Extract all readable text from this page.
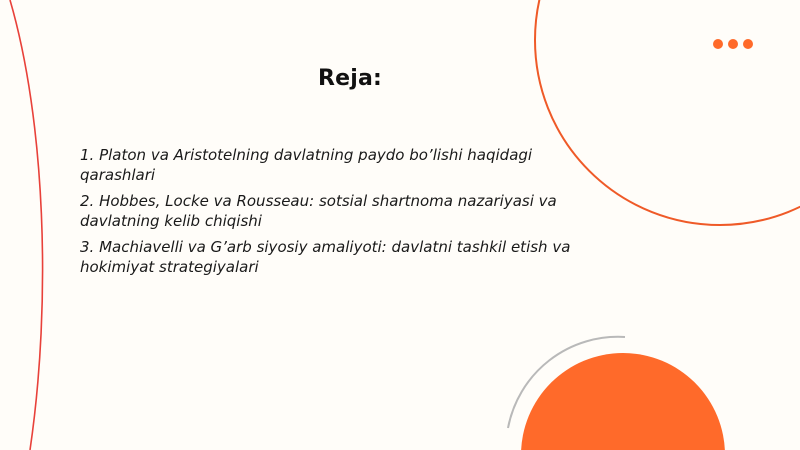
Reja:
1. Platon va Aristotelning davlatning paydo bo’lishi haqidagi qarashlari
2. Hobbes, Locke va Rousseau: sotsial shartnoma nazariyasi va davlatning kelib chiqishi
3. Machiavelli va G’arb siyosiy amaliyoti: davlatni tashkil etish va hokimiyat strategiyalari
